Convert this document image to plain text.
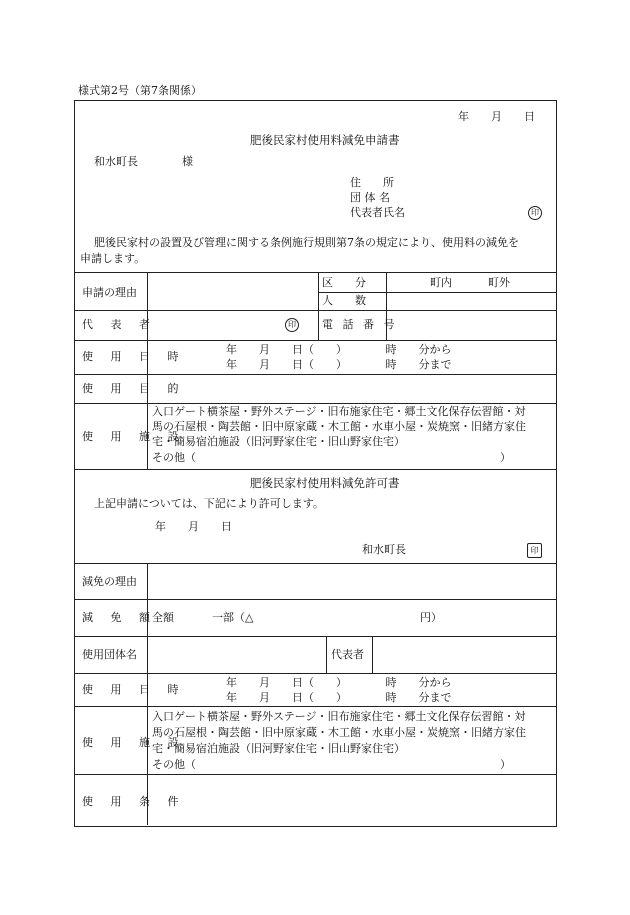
様式第2号（第7条関係）
年　　月　　日
肥後民家村使用料減免申請書
和水町長　　　　様
住　　所
団 体 名
代表者氏名	印
肥後民家村の設置及び管理に関する条例施行規則第7条の規定により、使用料の減免を
申請します。
申請の理由
区　　分	町内	町外
人　　数
代 表 者	印 電 話 番 号
使 用 日 時
年　　月　　日（　　）　　　　時　　分から
年　　月　　日（　　）　　　　時　　分まで
使 用 目 的
使 用 施 設
入口ゲート横茶屋・野外ステージ・旧布施家住宅・郷土文化保存伝習館・対
馬の石屋根・陶芸館・旧中原家蔵・木工館・水車小屋・炭焼窯・旧緒方家住
宅・簡易宿泊施設（旧河野家住宅・旧山野家住宅）
その他（	）
肥後民家村使用料減免許可書
上記申請については、下記により許可します。
年　　月　　日
和水町長	印
減免の理由
減 免 額
全額	一部（△	円）
使用団体名	代表者
使 用 日 時
年　　月　　日（　　）　　　　時　　分から
年　　月　　日（　　）　　　　時　　分まで
使 用 施 設
入口ゲート横茶屋・野外ステージ・旧布施家住宅・郷土文化保存伝習館・対
馬の石屋根・陶芸館・旧中原家蔵・木工館・水車小屋・炭焼窯・旧緒方家住
宅・簡易宿泊施設（旧河野家住宅・旧山野家住宅）
その他（	）
使 用 条 件
